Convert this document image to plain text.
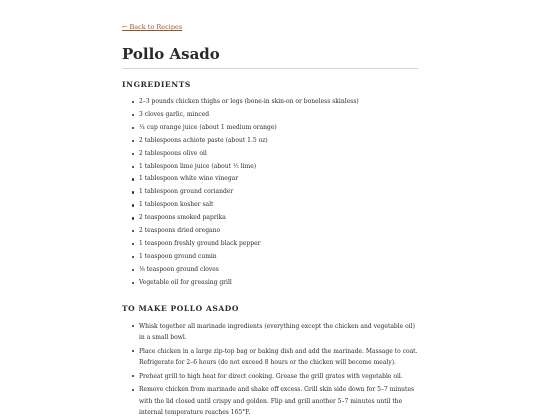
← Back to Recipes
Pollo Asado
INGREDIENTS
2–3 pounds chicken thighs or legs (bone-in skin-on or boneless skinless)
3 cloves garlic, minced
¼ cup orange juice (about 1 medium orange)
2 tablespoons achiote paste (about 1.5 oz)
2 tablespoons olive oil
1 tablespoon lime juice (about ½ lime)
1 tablespoon white wine vinegar
1 tablespoon ground coriander
1 tablespoon kosher salt
2 teaspoons smoked paprika
2 teaspoons dried oregano
1 teaspoon freshly ground black pepper
1 teaspoon ground cumin
⅛ teaspoon ground cloves
Vegetable oil for greasing grill
TO MAKE POLLO ASADO
Whisk together all marinade ingredients (everything except the chicken and vegetable oil) in a small bowl.
Place chicken in a large zip-top bag or baking dish and add the marinade. Massage to coat. Refrigerate for 2–6 hours (do not exceed 8 hours or the chicken will become mealy).
Preheat grill to high heat for direct cooking. Grease the grill grates with vegetable oil.
Remove chicken from marinade and shake off excess. Grill skin side down for 5–7 minutes with the lid closed until crispy and golden. Flip and grill another 5–7 minutes until the internal temperature reaches 165°F.
